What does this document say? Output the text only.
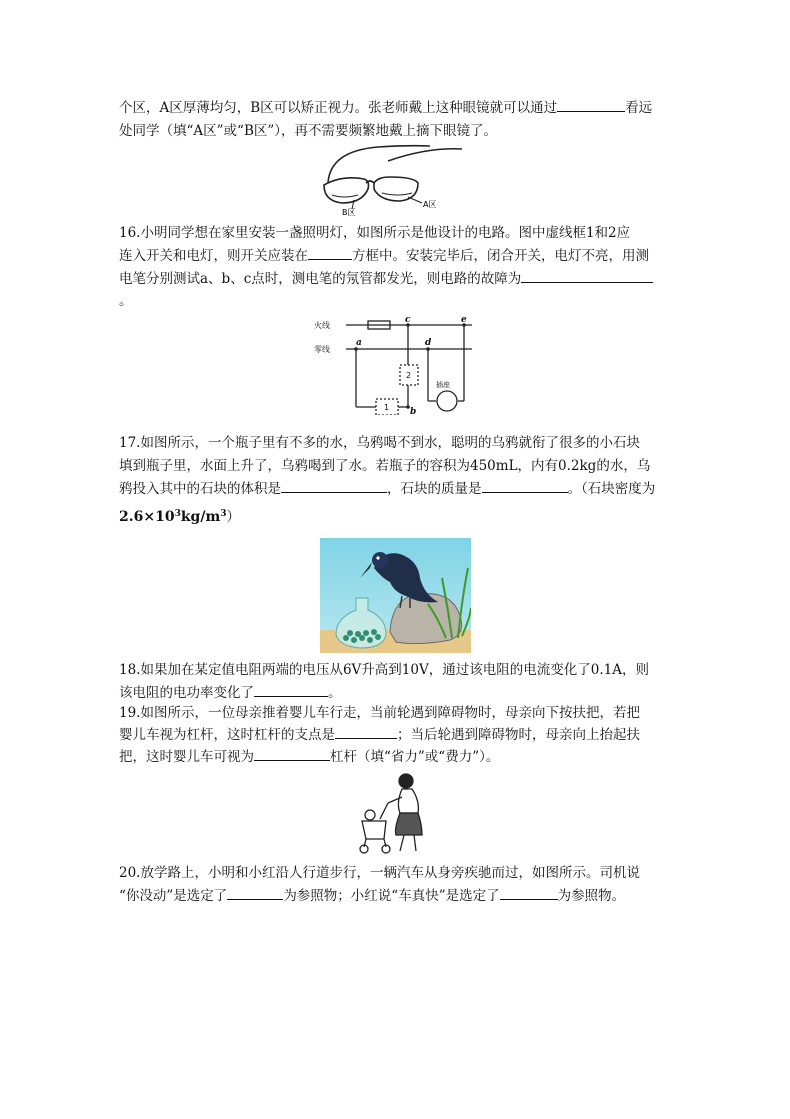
个区，A区厚薄均匀，B区可以矫正视力。张老师戴上这种眼镜就可以通过	看远
处同学（填“A区”或“B区”），再不需要频繁地戴上摘下眼镜了。
B区
A区
16.小明同学想在家里安装一盏照明灯，如图所示是他设计的电路。图中虚线框1和2应
连入开关和电灯，则开关应装在	方框中。安装完毕后，闭合开关，电灯不亮，用测
电笔分别测试a、b、c点时，测电笔的氖管都发光，则电路的故障为
。
火线
零线
a
b
c
d
e
1
2
插座
17.如图所示，一个瓶子里有不多的水，乌鸦喝不到水，聪明的乌鸦就衔了很多的小石块
填到瓶子里，水面上升了，乌鸦喝到了水。若瓶子的容积为450mL，内有0.2kg的水，乌
鸦投入其中的石块的体积是	，石块的质量是	。（石块密度为
$2.6\times 10^3kg/m^3$）
18.如果加在某定值电阻两端的电压从6V升高到10V，通过该电阻的电流变化了0.1A，则
该电阻的电功率变化了	。
19.如图所示，一位母亲推着婴儿车行走，当前轮遇到障碍物时，母亲向下按扶把，若把
婴儿车视为杠杆，这时杠杆的支点是	；当后轮遇到障碍物时，母亲向上抬起扶
把，这时婴儿车可视为	杠杆（填“省力”或“费力”）。
20.放学路上，小明和小红沿人行道步行，一辆汽车从身旁疾驰而过，如图所示。司机说
“你没动”是选定了	为参照物；小红说“车真快”是选定了	为参照物。
